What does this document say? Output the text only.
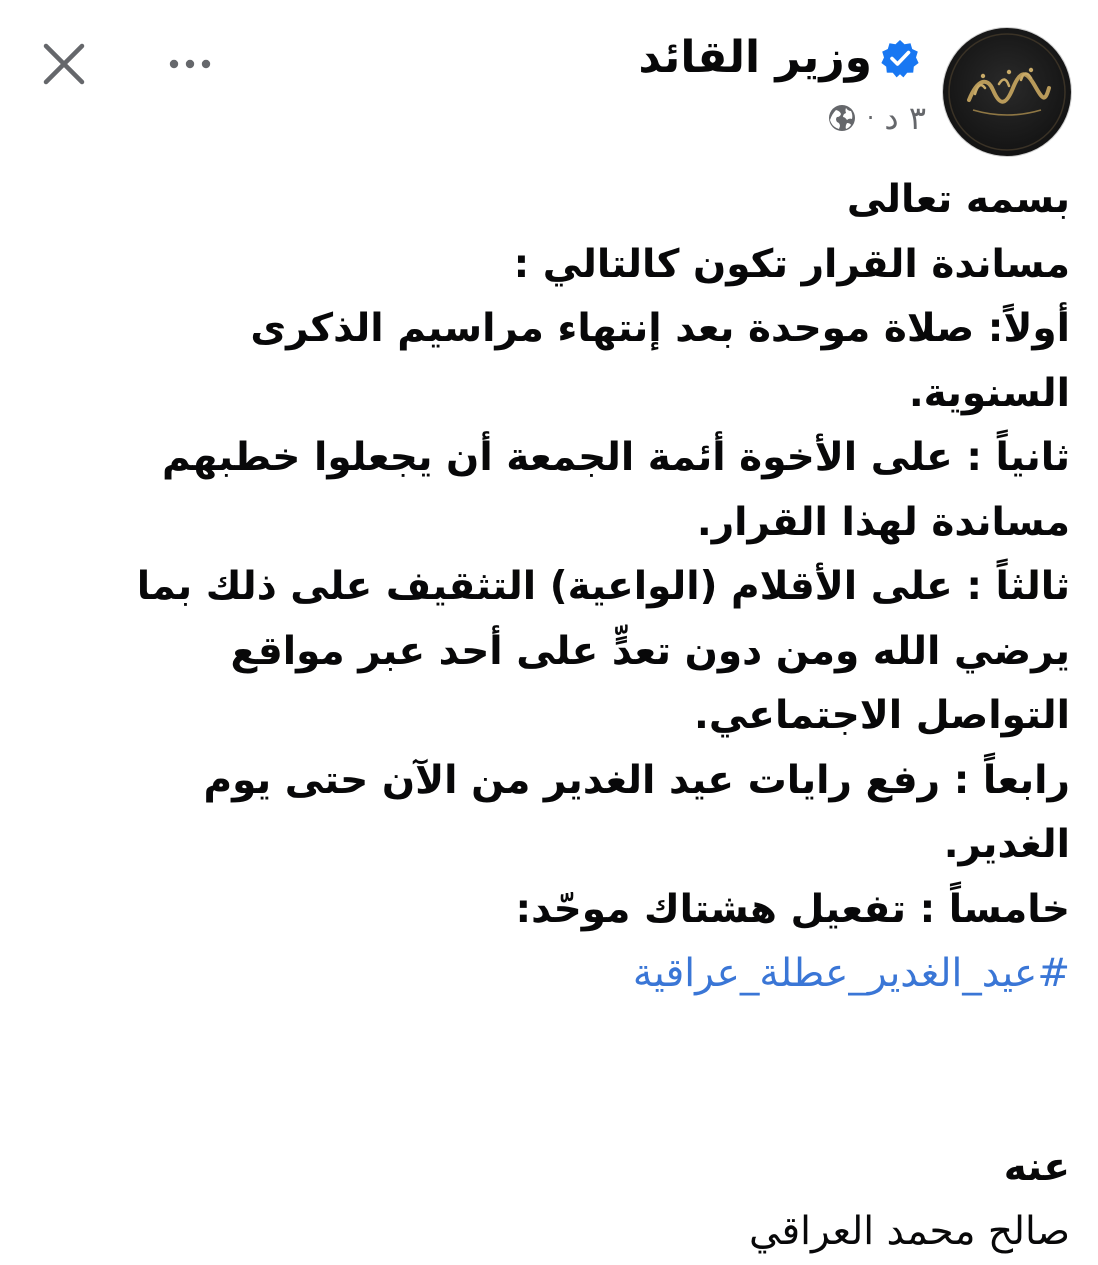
وزير القائد
٣ د
·
بسمه تعالى
مساندة القرار تكون كالتالي :
أولاً: صلاة موحدة بعد إنتهاء مراسيم الذكرى
السنوية.
ثانياً : على الأخوة أئمة الجمعة أن يجعلوا خطبهم
مساندة لهذا القرار.
ثالثاً : على الأقلام (الواعية) التثقيف على ذلك بما
يرضي الله ومن دون تعدٍّ على أحد عبر مواقع
التواصل الاجتماعي.
رابعاً : رفع رايات عيد الغدير من الآن حتى يوم
الغدير.
خامساً : تفعيل هشتاك موحّد:
#عيد_الغدير_عطلة_عراقية
عنه
صالح محمد العراقي
